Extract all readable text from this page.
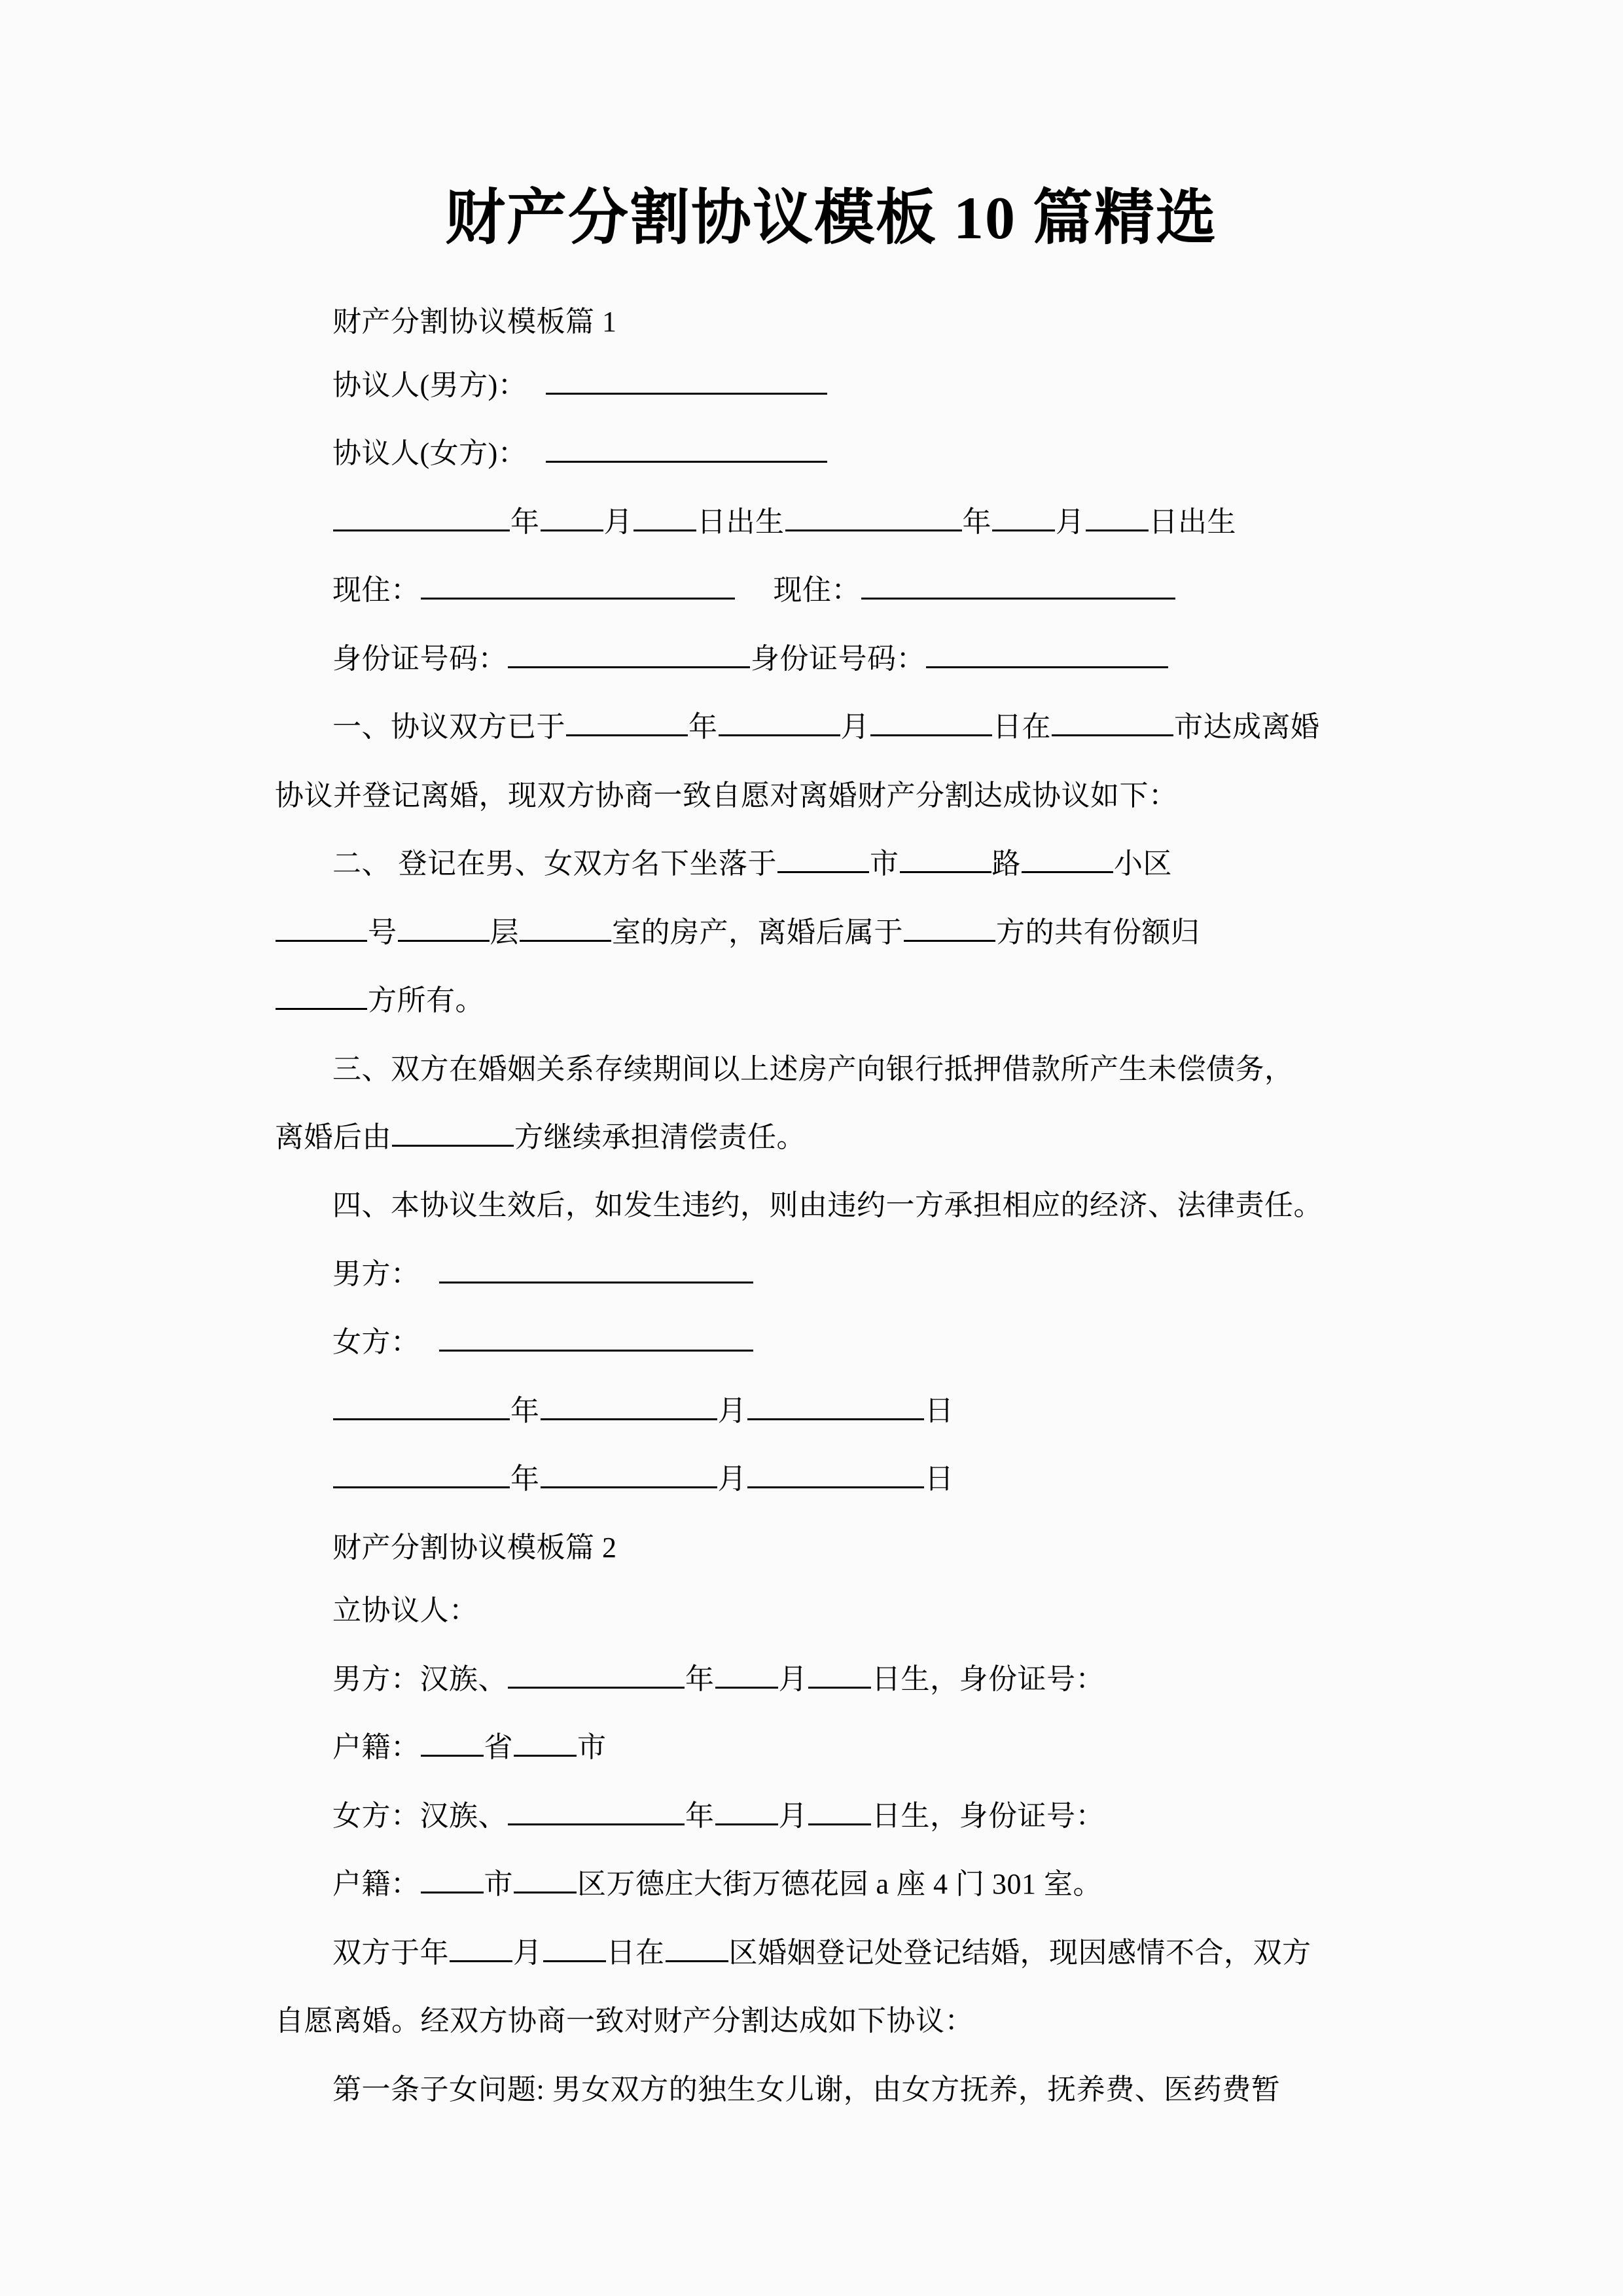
财产分割协议模板 10 篇精选

财产分割协议模板篇 1

协议人(男方)：

协议人(女方)：

年 月 日出生	年 月 日出生

现住：	现住：

身份证号码：	身份证号码：

一、协议双方已于	年	月	日在	市达成离婚

协议并登记离婚，现双方协商一致自愿对离婚财产分割达成协议如下：

二、 登记在男、女双方名下坐落于	市	路	小区

号	层	室的房产，离婚后属于	方的共有份额归

方所有。

三、双方在婚姻关系存续期间以上述房产向银行抵押借款所产生未偿债务，

离婚后由	方继续承担清偿责任。

四、本协议生效后，如发生违约，则由违约一方承担相应的经济、法律责任。

男方：

女方：

年	月	日

年	月	日

财产分割协议模板篇 2

立协议人：

男方：汉族、	年 月 日生，身份证号：

户籍： 省 市

女方：汉族、	年 月 日生，身份证号：

户籍： 市 区万德庄大街万德花园 a 座 4 门 301 室。

双方于年 月 日在 区婚姻登记处登记结婚，现因感情不合，双方

自愿离婚。经双方协商一致对财产分割达成如下协议：

第一条子女问题: 男女双方的独生女儿谢，由女方抚养，抚养费、医药费暂
